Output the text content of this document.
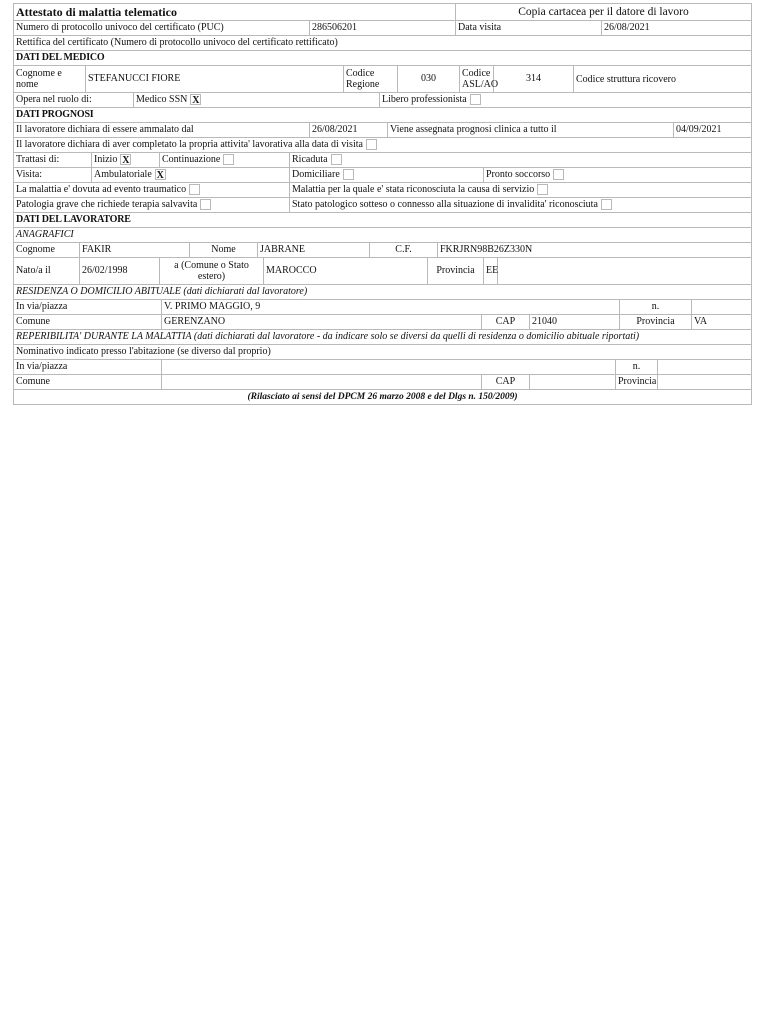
Attestato di malattia telematico		Copia cartacea per il datore di lavoro	
Numero di protocollo univoco del certificato (PUC)	286506201	Data visita	26/08/2021
Rettifica del certificato (Numero di protocollo univoco del certificato rettificato)			
DATI DEL MEDICO
Cognome e nome	STEFANUCCI FIORE	Codice Regione	030	Codice ASL/AO	314	Codice struttura ricovero
Opera nel ruolo di:	Medico SSN X	Libero professionista
DATI PROGNOSI
Il lavoratore dichiara di essere ammalato dal	26/08/2021	Viene assegnata prognosi clinica a tutto il	04/09/2021
Il lavoratore dichiara di aver completato la propria attivita' lavorativa alla data di visita
Trattasi di:	Inizio X	Continuazione	Ricaduta
Visita:	Ambulatoriale X	Domiciliare	Pronto soccorso
La malattia e' dovuta ad evento traumatico	Malattia per la quale e' stata riconosciuta la causa di servizio
Patologia grave che richiede terapia salvavita	Stato patologico sotteso o connesso alla situazione di invalidita' riconosciuta
DATI DEL LAVORATORE
ANAGRAFICI
Cognome	FAKIR	Nome	JABRANE	C.F.	FKRJRN98B26Z330N
Nato/a il	26/02/1998	a (Comune o Stato estero)	MAROCCO	Provincia	EE	
RESIDENZA O DOMICILIO ABITUALE (dati dichiarati dal lavoratore)					
In via/piazza	V. PRIMO MAGGIO, 9			n.	
Comune	GERENZANO	CAP	21040	Provincia	VA
REPERIBILITA' DURANTE LA MALATTIA (dati dichiarati dal lavoratore - da indicare solo se diversi da quelli di residenza o domicilio abituale riportati)					
Nominativo indicato presso l'abitazione (se diverso dal proprio)					
In via/piazza				n.	
Comune		CAP		Provincia	
(Rilasciato ai sensi del DPCM 26 marzo 2008 e del Dlgs n. 150/2009)					
